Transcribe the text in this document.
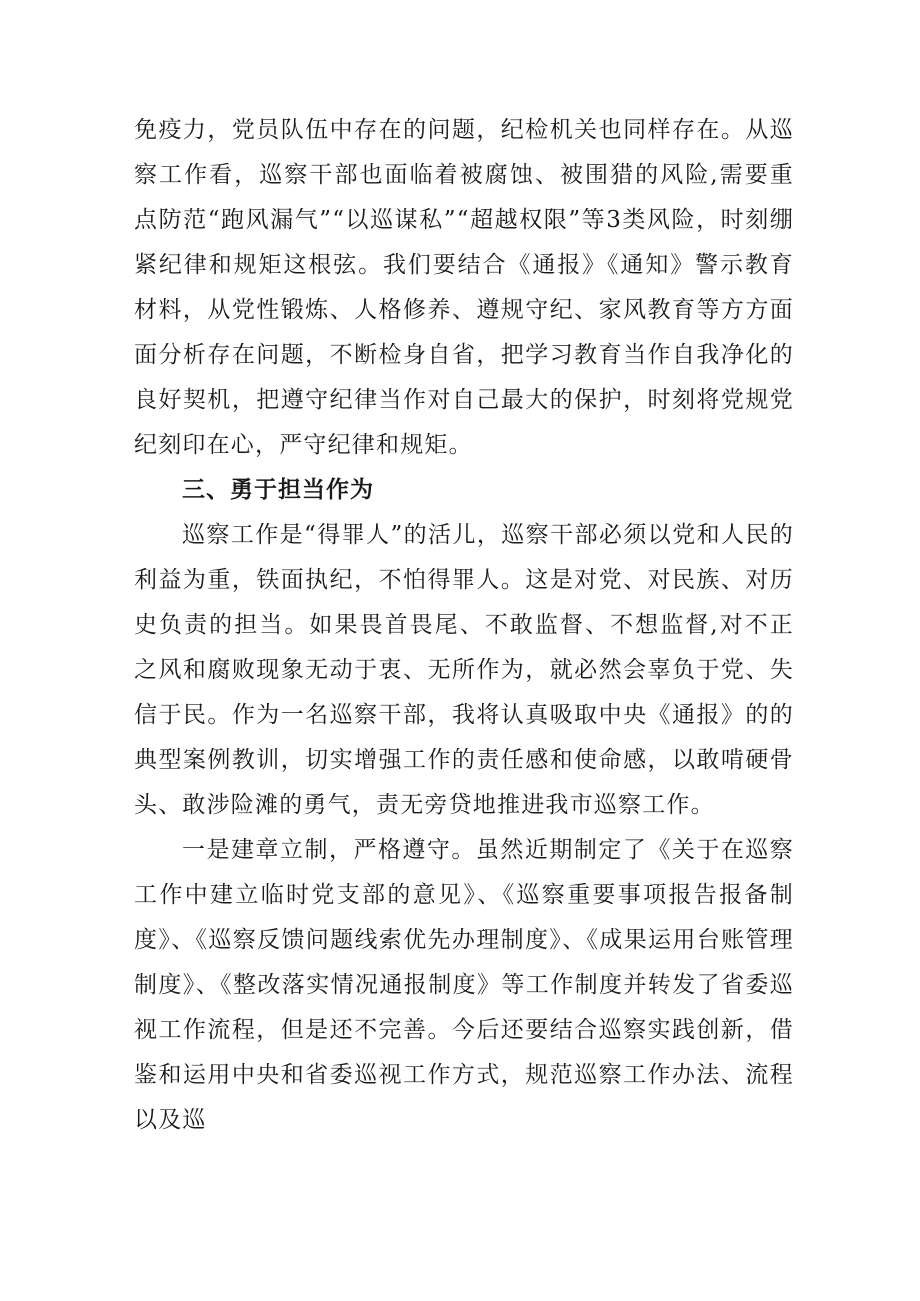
免疫力，党员队伍中存在的问题，纪检机关也同样存在。从巡察工作看，巡察干部也面临着被腐蚀、被围猎的风险,需要重点防范“跑风漏气”“以巡谋私”“超越权限”等3类风险，时刻绷紧纪律和规矩这根弦。我们要结合《通报》《通知》警示教育材料，从党性锻炼、人格修养、遵规守纪、家风教育等方方面面分析存在问题，不断检身自省，把学习教育当作自我净化的良好契机，把遵守纪律当作对自己最大的保护，时刻将党规党纪刻印在心，严守纪律和规矩。

三、勇于担当作为

巡察工作是“得罪人”的活儿，巡察干部必须以党和人民的利益为重，铁面执纪，不怕得罪人。这是对党、对民族、对历史负责的担当。如果畏首畏尾、不敢监督、不想监督,对不正之风和腐败现象无动于衷、无所作为，就必然会辜负于党、失信于民。作为一名巡察干部，我将认真吸取中央《通报》的的典型案例教训，切实增强工作的责任感和使命感，以敢啃硬骨头、敢涉险滩的勇气，责无旁贷地推进我市巡察工作。

一是建章立制，严格遵守。虽然近期制定了《关于在巡察工作中建立临时党支部的意见》、《巡察重要事项报告报备制度》、《巡察反馈问题线索优先办理制度》、《成果运用台账管理制度》、《整改落实情况通报制度》等工作制度并转发了省委巡视工作流程，但是还不完善。今后还要结合巡察实践创新，借鉴和运用中央和省委巡视工作方式，规范巡察工作办法、流程以及巡
